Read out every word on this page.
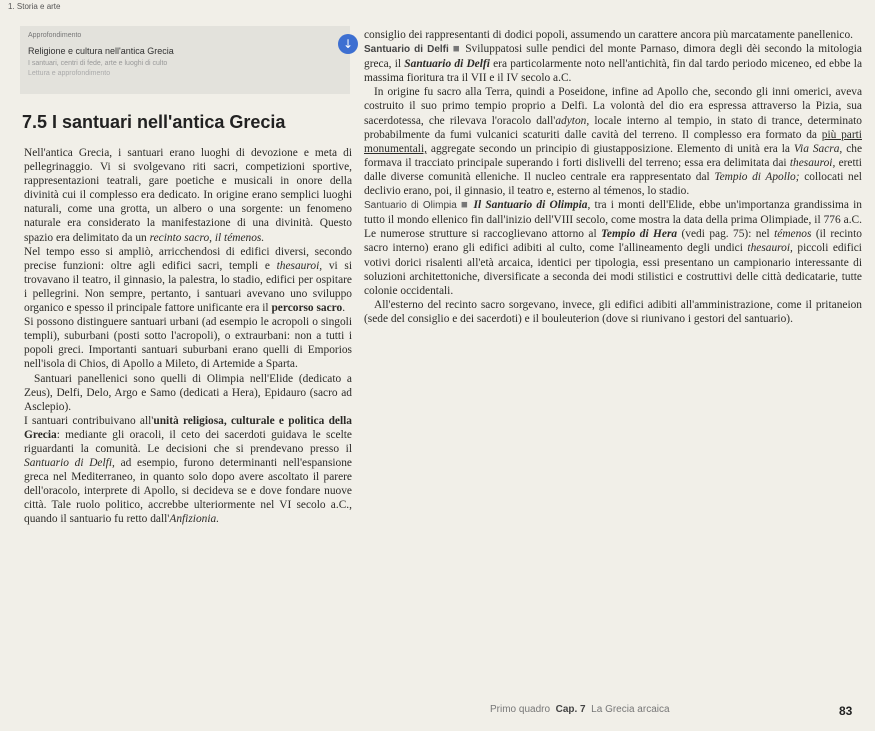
1. Storia e arte
Approfondimento
Religione e cultura nell'antica Grecia
I santuari, centri di fede, arte e luoghi di culto
Lettura e approfondimento
↓
7.5 I santuari nell'antica Grecia

Nell'antica Grecia, i santuari erano luoghi di devozione e meta di pellegrinaggio. Vi si svolgevano riti sacri, competizioni sportive, rappresentazioni teatrali, gare poetiche e musicali in onore della divinità cui il complesso era dedicato. In origine erano semplici luoghi naturali, come una grotta, un albero o una sorgente: un fenomeno naturale era considerato la manifestazione di una divinità. Questo spazio era delimitato da un recinto sacro, il témenos.

Nel tempo esso si ampliò, arricchendosi di edifici diversi, secondo precise funzioni: oltre agli edifici sacri, templi e thesauroi, vi si trovavano il teatro, il ginnasio, la palestra, lo stadio, edifici per ospitare i pellegrini. Non sempre, pertanto, i santuari avevano uno sviluppo organico e spesso il principale fattore unificante era il percorso sacro.

Si possono distinguere santuari urbani (ad esempio le acropoli o singoli templi), suburbani (posti sotto l'acropoli), o extraurbani: non a tutti i popoli greci. Importanti santuari suburbani erano quelli di Emporios nell'isola di Chios, di Apollo a Mileto, di Artemide a Sparta.

Santuari panellenici sono quelli di Olimpia nell'Elide (dedicato a Zeus), Delfi, Delo, Argo e Samo (dedicati a Hera), Epidauro (sacro ad Asclepio).

I santuari contribuivano all'unità religiosa, culturale e politica della Grecia: mediante gli oracoli, il ceto dei sacerdoti guidava le scelte riguardanti la comunità. Le decisioni che si prendevano presso il Santuario di Delfi, ad esempio, furono determinanti nell'espansione greca nel Mediterraneo, in quanto solo dopo avere ascoltato il parere dell'oracolo, interprete di Apollo, si decideva se e dove fondare nuove città. Tale ruolo politico, accrebbe ulteriormente nel VI secolo a.C., quando il santuario fu retto dall'Anfizionia.

consiglio dei rappresentanti di dodici popoli, assumendo un carattere ancora più marcatamente panellenico.

Santuario di Delfi ■ Sviluppatosi sulle pendici del monte Parnaso, dimora degli dèi secondo la mitologia greca, il Santuario di Delfi era particolarmente noto nell'antichità, fin dal tardo periodo miceneo, ed ebbe la massima fioritura tra il VII e il IV secolo a.C.

In origine fu sacro alla Terra, quindi a Poseidone, infine ad Apollo che, secondo gli inni omerici, aveva costruito il suo primo tempio proprio a Delfi. La volontà del dio era espressa attraverso la Pizia, sua sacerdotessa, che rilevava l'oracolo dall'adyton, locale interno al tempio, in stato di trance, determinato probabilmente da fumi vulcanici scaturiti dalle cavità del terreno. Il complesso era formato da più parti monumentali, aggregate secondo un principio di giustapposizione. Elemento di unità era la Via Sacra, che formava il tracciato principale superando i forti dislivelli del terreno; essa era delimitata dai thesauroi, eretti dalle diverse comunità elleniche. Il nucleo centrale era rappresentato dal Tempio di Apollo; collocati nel declivio erano, poi, il ginnasio, il teatro e, esterno al témenos, lo stadio.

Santuario di Olimpia ■ Il Santuario di Olimpia, tra i monti dell'Elide, ebbe un'importanza grandissima in tutto il mondo ellenico fin dall'inizio dell'VIII secolo, come mostra la data della prima Olimpiade, il 776 a.C. Le numerose strutture si raccoglievano attorno al Tempio di Hera (vedi pag. 75): nel témenos (il recinto sacro interno) erano gli edifici adibiti al culto, come l'allineamento degli undici thesauroi, piccoli edifici votivi dorici risalenti all'età arcaica, identici per tipologia, essi presentano un campionario interessante di soluzioni architettoniche, diversificate a seconda dei modi stilistici e costruttivi delle città dedicatarie, tutte colonie occidentali.

All'esterno del recinto sacro sorgevano, invece, gli edifici adibiti all'amministrazione, come il pritaneion (sede del consiglio e dei sacerdoti) e il bouleuterion (dove si riunivano i gestori del santuario).

Primo quadro Cap. 7 La Grecia arcaica	83
